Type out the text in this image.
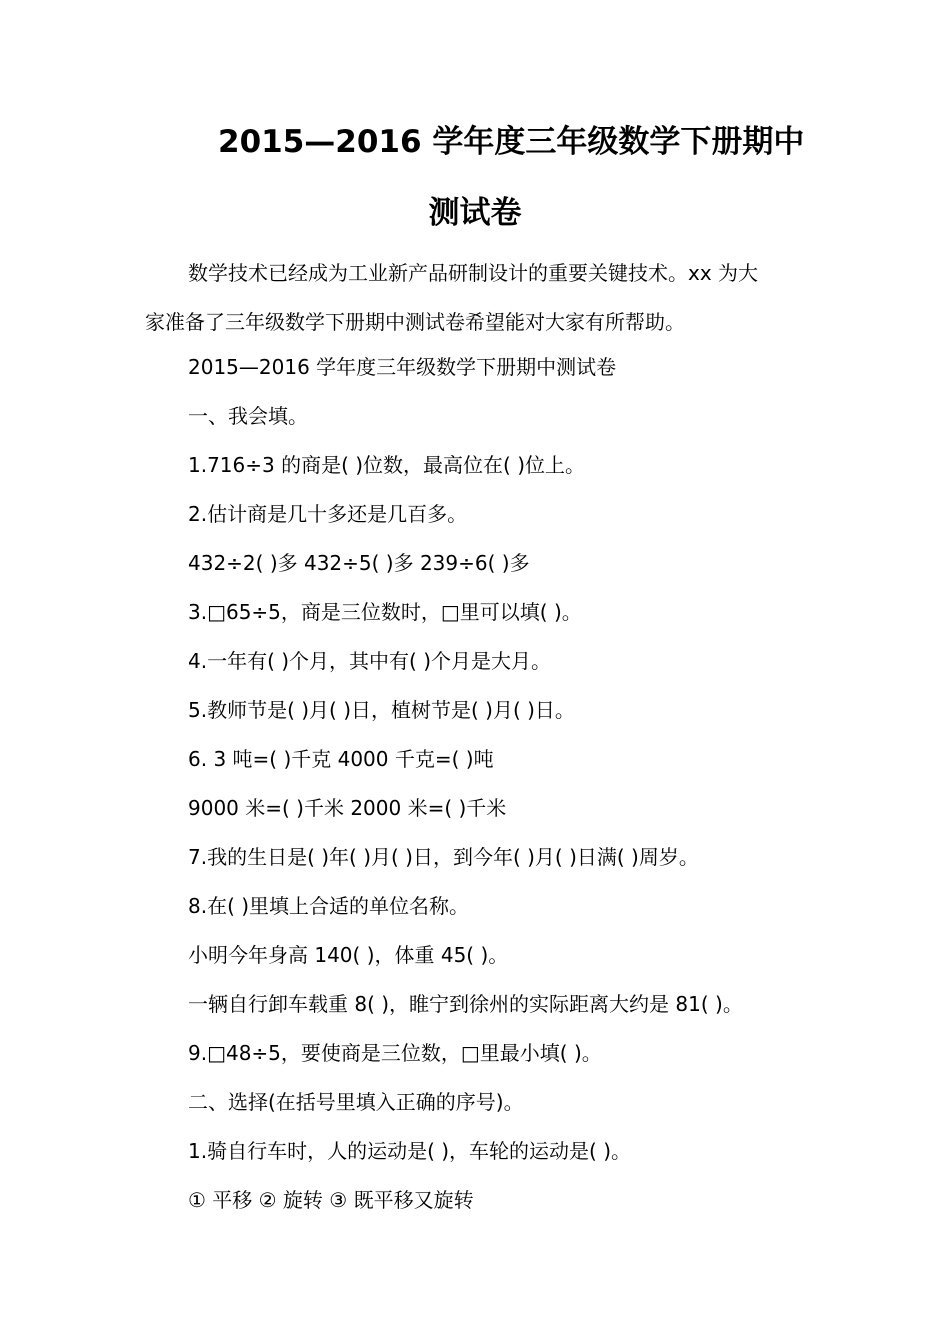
2015—2016 学年度三年级数学下册期中
测试卷
数学技术已经成为工业新产品研制设计的重要关键技术。xx 为大
家准备了三年级数学下册期中测试卷希望能对大家有所帮助。
2015—2016 学年度三年级数学下册期中测试卷
一、我会填。
1.716÷3 的商是( )位数，最高位在( )位上。
2.估计商是几十多还是几百多。
432÷2( )多 432÷5( )多 239÷6( )多
3.□65÷5，商是三位数时，□里可以填( )。
4.一年有( )个月，其中有( )个月是大月。
5.教师节是( )月( )日，植树节是( )月( )日。
6. 3 吨=( )千克 4000 千克=( )吨
9000 米=( )千米 2000 米=( )千米
7.我的生日是( )年( )月( )日，到今年( )月( )日满( )周岁。
8.在( )里填上合适的单位名称。
小明今年身高 140( )，体重 45( )。
一辆自行卸车载重 8( )，睢宁到徐州的实际距离大约是 81( )。
9.□48÷5，要使商是三位数，□里最小填( )。
二、选择(在括号里填入正确的序号)。
1.骑自行车时，人的运动是( )，车轮的运动是( )。
① 平移 ② 旋转 ③ 既平移又旋转
